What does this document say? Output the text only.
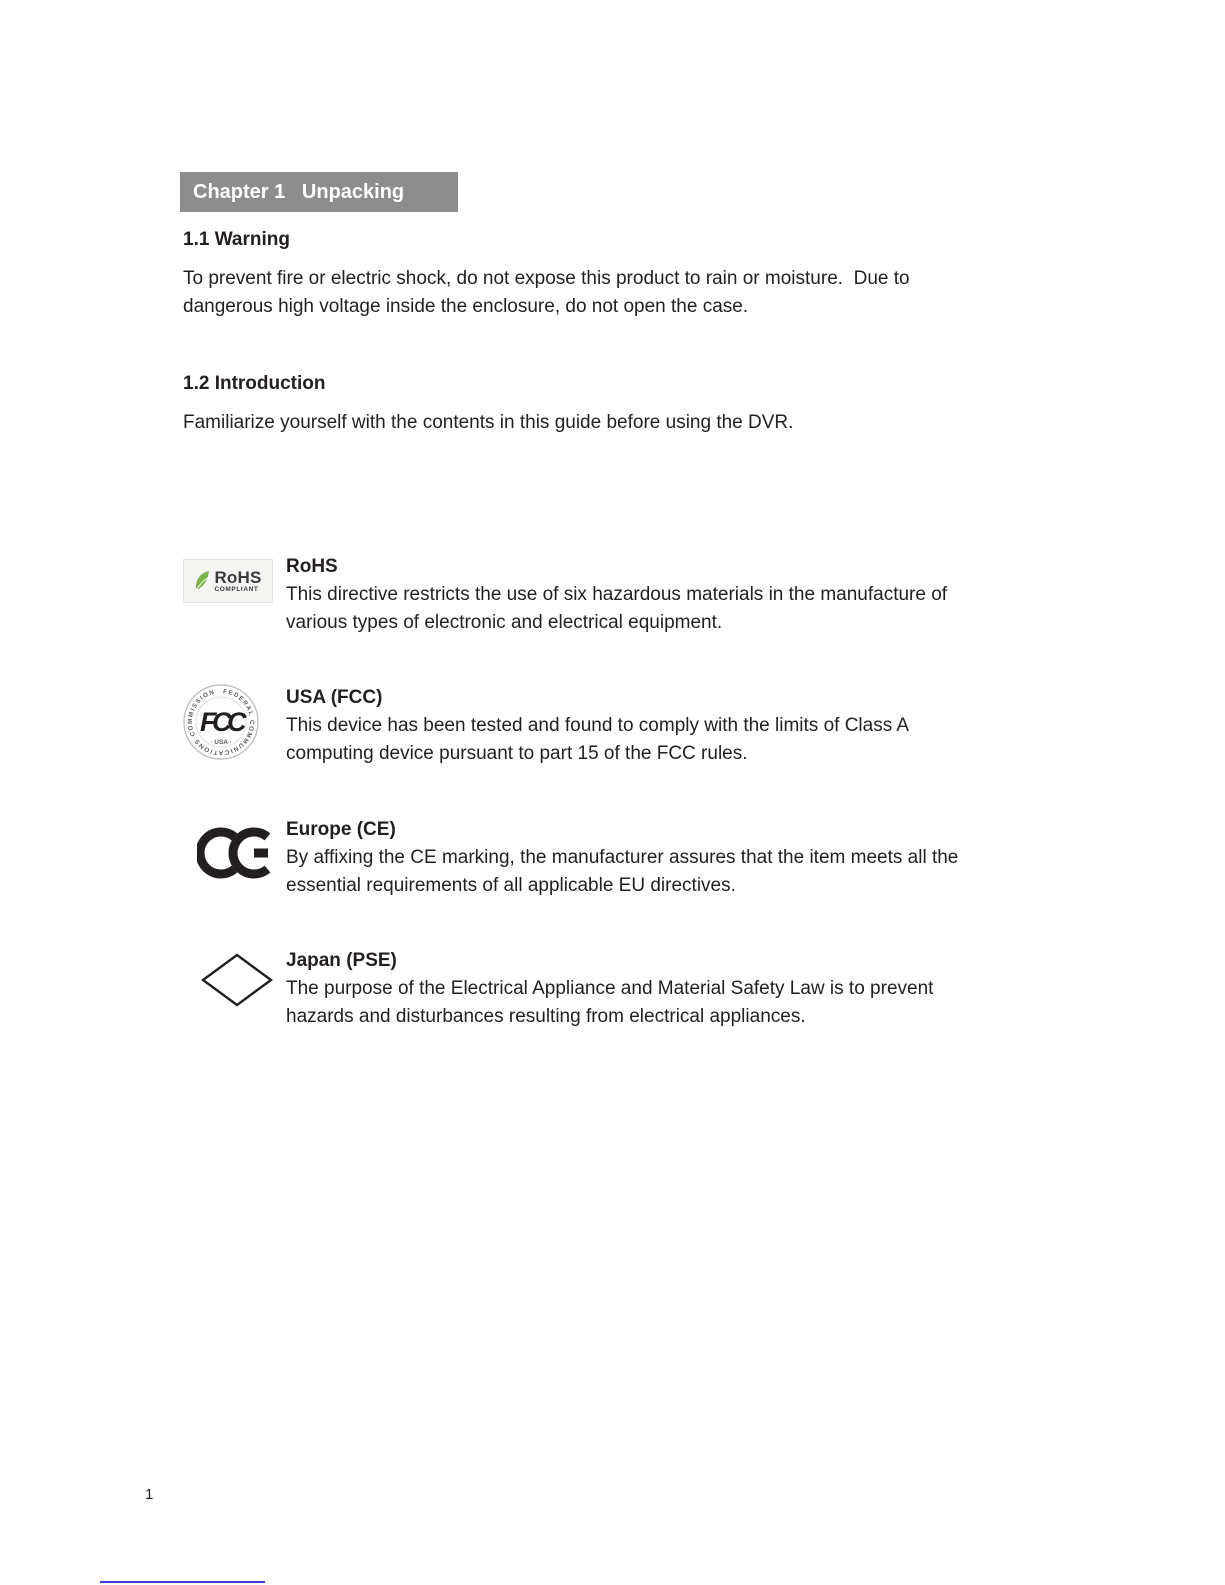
Chapter 1   Unpacking
1.1 Warning

To prevent fire or electric shock, do not expose this product to rain or moisture.  Due to dangerous high voltage inside the enclosure, do not open the case.

1.2 Introduction

Familiarize yourself with the contents in this guide before using the DVR.

RoHS
COMPLIANT
RoHS
This directive restricts the use of six hazardous materials in the manufacture of various types of electronic and electrical equipment.
FEDERAL COMMUNICATIONS COMMISSION
FCC
· USA ·
USA (FCC)
This device has been tested and found to comply with the limits of Class A computing device pursuant to part 15 of the FCC rules.
Europe (CE)
By affixing the CE marking, the manufacturer assures that the item meets all the essential requirements of all applicable EU directives.
Japan (PSE)
The purpose of the Electrical Appliance and Material Safety Law is to prevent hazards and disturbances resulting from electrical appliances.
1
